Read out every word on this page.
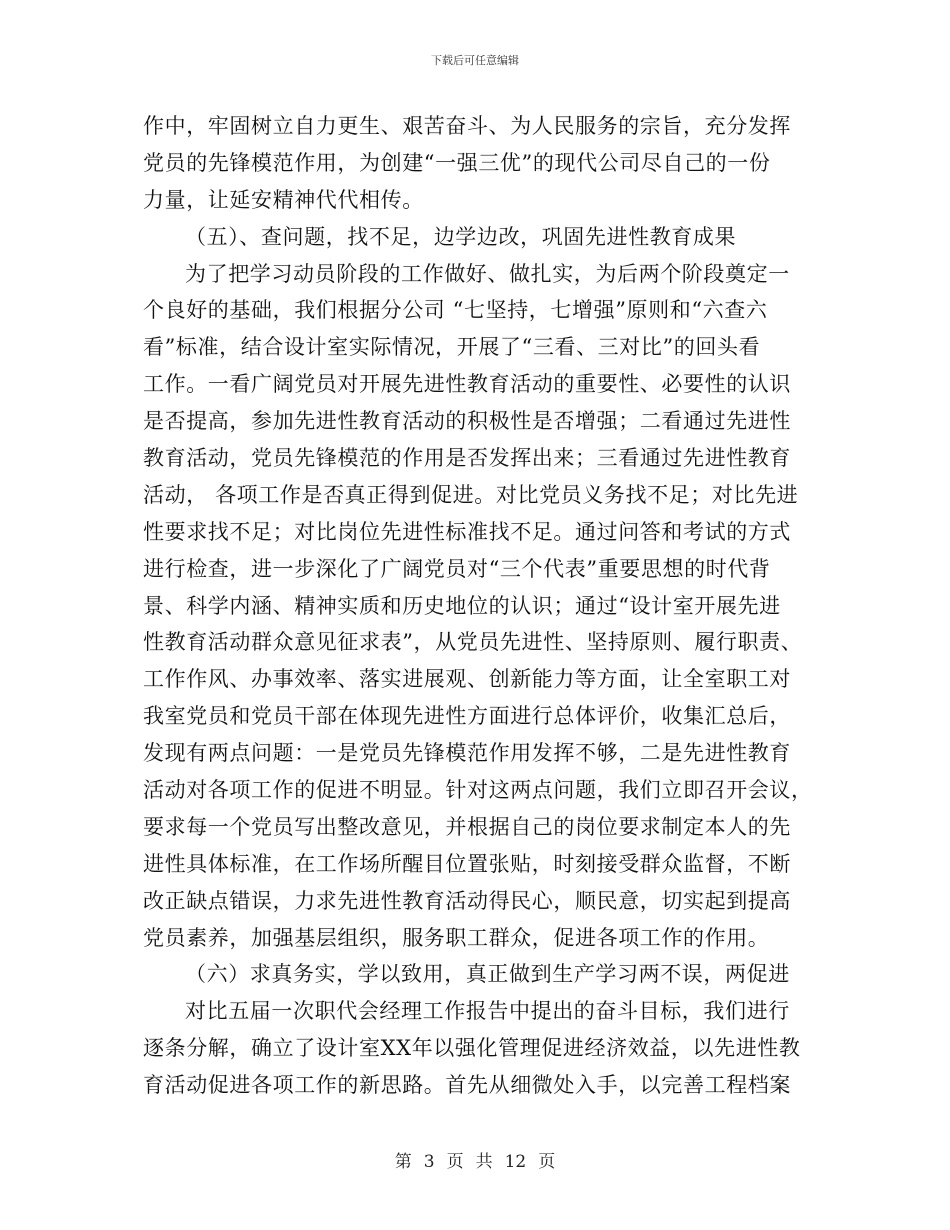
下载后可任意编辑
作中，牢固树立自力更生、艰苦奋斗、为人民服务的宗旨，充分发挥
党员的先锋模范作用，为创建“一强三优”的现代公司尽自己的一份
力量，让延安精神代代相传。
（五）、查问题，找不足，边学边改，巩固先进性教育成果
为了把学习动员阶段的工作做好、做扎实，为后两个阶段奠定一
个良好的基础，我们根据分公司 “七坚持，七增强”原则和“六查六
看”标准，结合设计室实际情况，开展了“三看、三对比”的回头看
工作。一看广阔党员对开展先进性教育活动的重要性、必要性的认识
是否提高，参加先进性教育活动的积极性是否增强；二看通过先进性
教育活动，党员先锋模范的作用是否发挥出来；三看通过先进性教育
活动， 各项工作是否真正得到促进。对比党员义务找不足；对比先进
性要求找不足；对比岗位先进性标准找不足。通过问答和考试的方式
进行检查，进一步深化了广阔党员对“三个代表”重要思想的时代背
景、科学内涵、精神实质和历史地位的认识；通过“设计室开展先进
性教育活动群众意见征求表”，从党员先进性、坚持原则、履行职责、
工作作风、办事效率、落实进展观、创新能力等方面，让全室职工对
我室党员和党员干部在体现先进性方面进行总体评价，收集汇总后，
发现有两点问题：一是党员先锋模范作用发挥不够，二是先进性教育
活动对各项工作的促进不明显。针对这两点问题，我们立即召开会议，
要求每一个党员写出整改意见，并根据自己的岗位要求制定本人的先
进性具体标准，在工作场所醒目位置张贴，时刻接受群众监督，不断
改正缺点错误，力求先进性教育活动得民心，顺民意，切实起到提高
党员素养，加强基层组织，服务职工群众，促进各项工作的作用。
（六）求真务实，学以致用，真正做到生产学习两不误，两促进
对比五届一次职代会经理工作报告中提出的奋斗目标，我们进行
逐条分解，确立了设计室XX年以强化管理促进经济效益，以先进性教
育活动促进各项工作的新思路。首先从细微处入手，以完善工程档案
第 3 页 共 12 页
